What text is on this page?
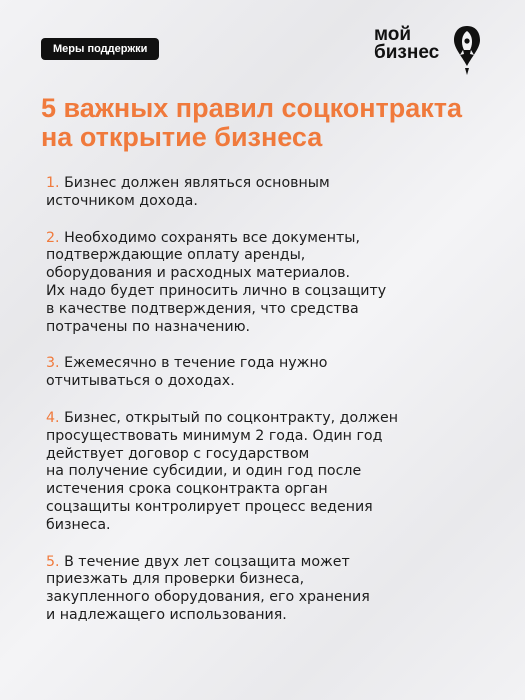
Меры поддержки
мой
бизнес
5 важных правил соцконтракта
на открытие бизнеса
1. Бизнес должен являться основным
источником дохода.
2. Необходимо сохранять все документы,
подтверждающие оплату аренды,
оборудования и расходных материалов.
Их надо будет приносить лично в соцзащиту
в качестве подтверждения, что средства
потрачены по назначению.
3. Ежемесячно в течение года нужно
отчитываться о доходах.
4. Бизнес, открытый по соцконтракту, должен
просуществовать минимум 2 года. Один год
действует договор с государством
на получение субсидии, и один год после
истечения срока соцконтракта орган
соцзащиты контролирует процесс ведения
бизнеса.
5. В течение двух лет соцзащита может
приезжать для проверки бизнеса,
закупленного оборудования, его хранения
и надлежащего использования.
